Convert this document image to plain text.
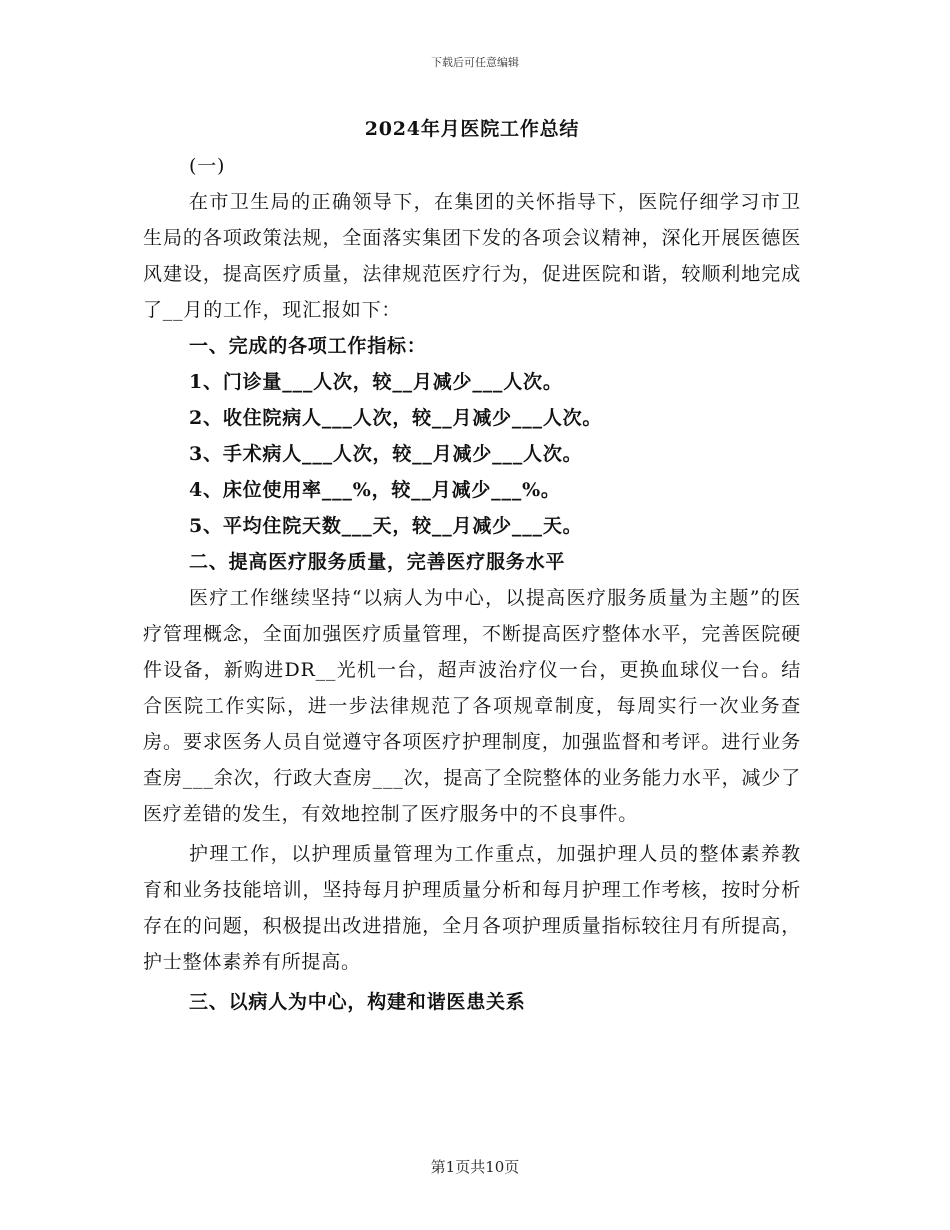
下载后可任意编辑
2024年月医院工作总结
(一)

在市卫生局的正确领导下，在集团的关怀指导下，医院仔细学习市卫生局的各项政策法规，全面落实集团下发的各项会议精神，深化开展医德医风建设，提高医疗质量，法律规范医疗行为，促进医院和谐，较顺利地完成了__月的工作，现汇报如下：

一、完成的各项工作指标：
1、门诊量___人次，较__月减少___人次。
2、收住院病人___人次，较__月减少___人次。
3、手术病人___人次，较__月减少___人次。
4、床位使用率___%，较__月减少___%。
5、平均住院天数___天，较__月减少___天。
二、提高医疗服务质量，完善医疗服务水平

医疗工作继续坚持“以病人为中心，以提高医疗服务质量为主题”的医疗管理概念，全面加强医疗质量管理，不断提高医疗整体水平，完善医院硬件设备，新购进DR__光机一台，超声波治疗仪一台，更换血球仪一台。结合医院工作实际，进一步法律规范了各项规章制度，每周实行一次业务查房。要求医务人员自觉遵守各项医疗护理制度，加强监督和考评。进行业务查房___余次，行政大查房___次，提高了全院整体的业务能力水平，减少了医疗差错的发生，有效地控制了医疗服务中的不良事件。

护理工作，以护理质量管理为工作重点，加强护理人员的整体素养教育和业务技能培训，坚持每月护理质量分析和每月护理工作考核，按时分析存在的问题，积极提出改进措施，全月各项护理质量指标较往月有所提高，护士整体素养有所提高。

三、以病人为中心，构建和谐医患关系
第1页共10页
